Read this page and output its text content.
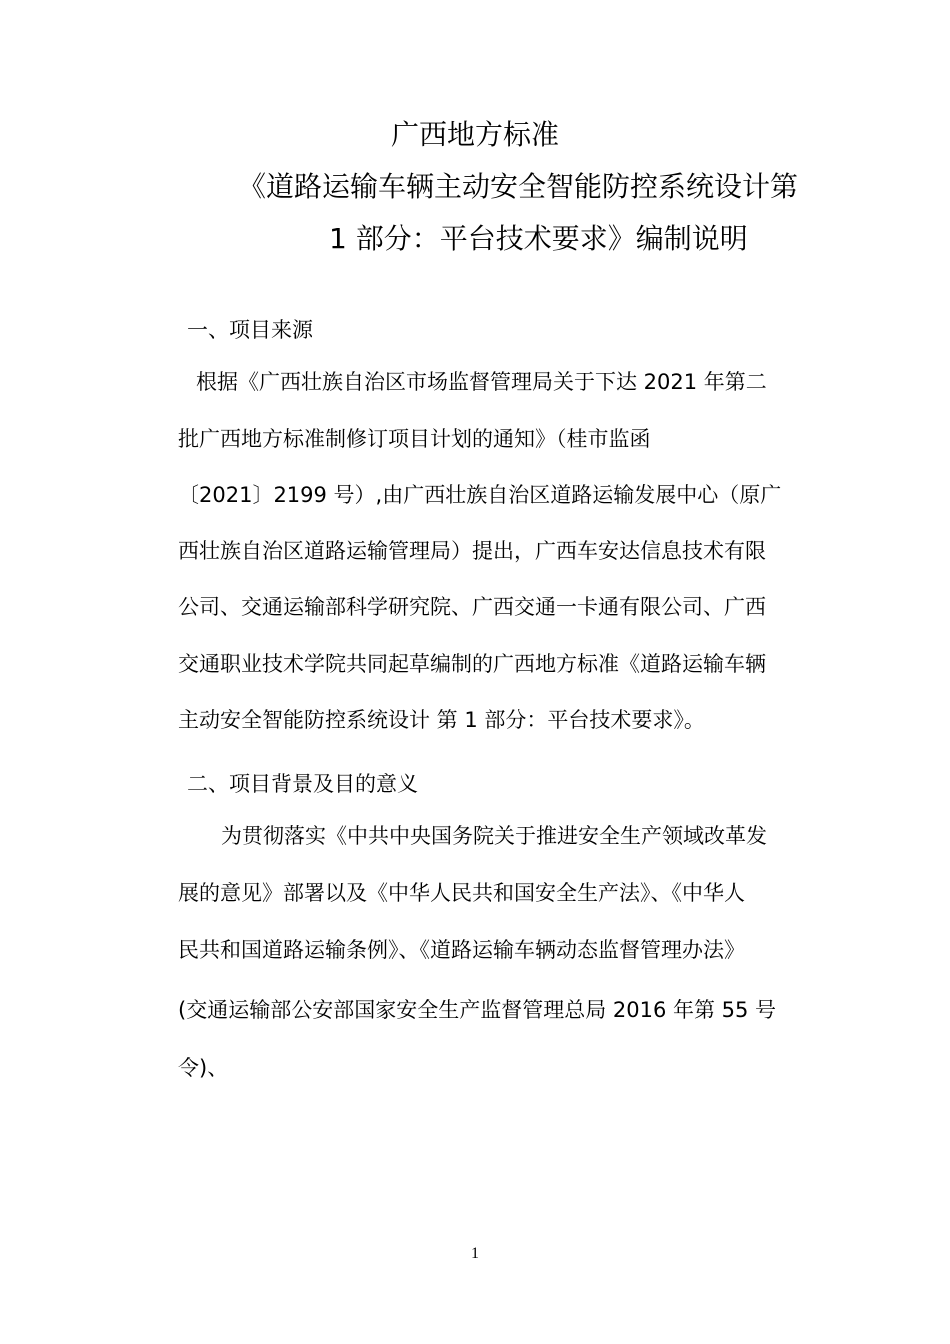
广西地方标准
《道路运输车辆主动安全智能防控系统设计第
1 部分：平台技术要求》编制说明
一、项目来源
根据《广西壮族自治区市场监督管理局关于下达 2021 年第二
批广西地方标准制修订项目计划的通知》（桂市监函
〔2021〕2199 号）,由广西壮族自治区道路运输发展中心（原广
西壮族自治区道路运输管理局）提出，广西车安达信息技术有限
公司、交通运输部科学研究院、广西交通一卡通有限公司、广西
交通职业技术学院共同起草编制的广西地方标准《道路运输车辆
主动安全智能防控系统设计 第 1 部分：平台技术要求》。
二、项目背景及目的意义
为贯彻落实《中共中央国务院关于推进安全生产领域改革发
展的意见》部署以及《中华人民共和国安全生产法》、《中华人
民共和国道路运输条例》、《道路运输车辆动态监督管理办法》
(交通运输部公安部国家安全生产监督管理总局 2016 年第 55 号
令)、
1
